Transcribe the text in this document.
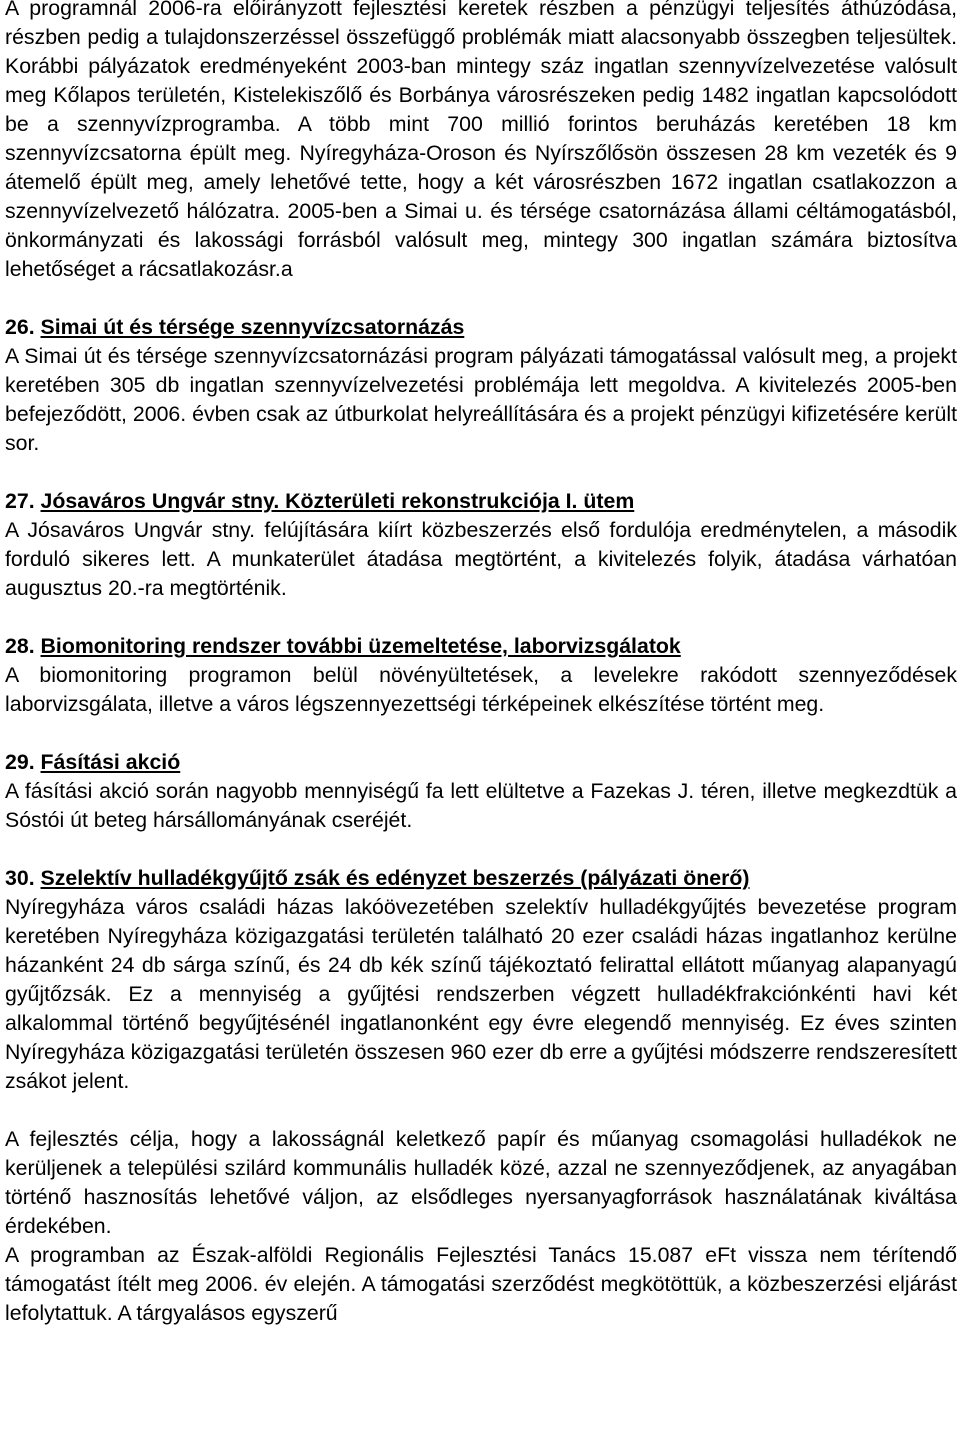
A programnál 2006-ra előirányzott fejlesztési keretek részben a pénzügyi teljesítés áthúzódása, részben pedig a tulajdonszerzéssel összefüggő problémák miatt alacsonyabb összegben teljesültek. Korábbi pályázatok eredményeként 2003-ban mintegy száz ingatlan szennyvízelvezetése valósult meg Kőlapos területén, Kistelekiszőlő és Borbánya városrészeken pedig 1482 ingatlan kapcsolódott be a szennyvízprogramba. A több mint 700 millió forintos beruházás keretében 18 km szennyvízcsatorna épült meg. Nyíregyháza-Oroson és Nyírszőlősön összesen 28 km vezeték és 9 átemelő épült meg, amely lehetővé tette, hogy a két városrészben 1672 ingatlan csatlakozzon a szennyvízelvezető hálózatra. 2005-ben a Simai u. és térsége csatornázása állami céltámogatásból, önkormányzati és lakossági forrásból valósult meg, mintegy 300 ingatlan számára biztosítva lehetőséget a rácsatlakozásr.a

26. Simai út és térsége szennyvízcsatornázás

A Simai út és térsége szennyvízcsatornázási program pályázati támogatással valósult meg, a projekt keretében 305 db ingatlan szennyvízelvezetési problémája lett megoldva. A kivitelezés 2005-ben befejeződött, 2006. évben csak az útburkolat helyreállítására és a projekt pénzügyi kifizetésére került sor.

27. Jósaváros Ungvár stny. Közterületi rekonstrukciója I. ütem

A Jósaváros Ungvár stny. felújítására kiírt közbeszerzés első fordulója eredménytelen, a második forduló sikeres lett. A munkaterület átadása megtörtént, a kivitelezés folyik, átadása várhatóan augusztus 20.-ra megtörténik.

28. Biomonitoring rendszer további üzemeltetése, laborvizsgálatok

A biomonitoring programon belül növényültetések, a levelekre rakódott szennyeződések laborvizsgálata, illetve a város légszennyezettségi térképeinek elkészítése történt meg.

29. Fásítási akció

A fásítási akció során nagyobb mennyiségű fa lett elültetve a Fazekas J. téren, illetve megkezdtük a Sóstói út beteg hársállományának cseréjét.

30. Szelektív hulladékgyűjtő zsák és edényzet beszerzés (pályázati önerő)

Nyíregyháza város családi házas lakóövezetében szelektív hulladékgyűjtés bevezetése program keretében Nyíregyháza közigazgatási területén található 20 ezer családi házas ingatlanhoz kerülne házanként 24 db sárga színű, és 24 db kék színű tájékoztató felirattal ellátott műanyag alapanyagú gyűjtőzsák. Ez a mennyiség a gyűjtési rendszerben végzett hulladékfrakciónkénti havi két alkalommal történő begyűjtésénél ingatlanonként egy évre elegendő mennyiség. Ez éves szinten Nyíregyháza közigazgatási területén összesen 960 ezer db erre a gyűjtési módszerre rendszeresített zsákot jelent.

A fejlesztés célja, hogy a lakosságnál keletkező papír és műanyag csomagolási hulladékok ne kerüljenek a települési szilárd kommunális hulladék közé, azzal ne szennyeződjenek, az anyagában történő hasznosítás lehetővé váljon, az elsődleges nyersanyagforrások használatának kiváltása érdekében.

A programban az Észak-alföldi Regionális Fejlesztési Tanács 15.087 eFt vissza nem térítendő támogatást ítélt meg 2006. év elején. A támogatási szerződést megkötöttük, a közbeszerzési eljárást lefolytattuk. A tárgyalásos egyszerű
